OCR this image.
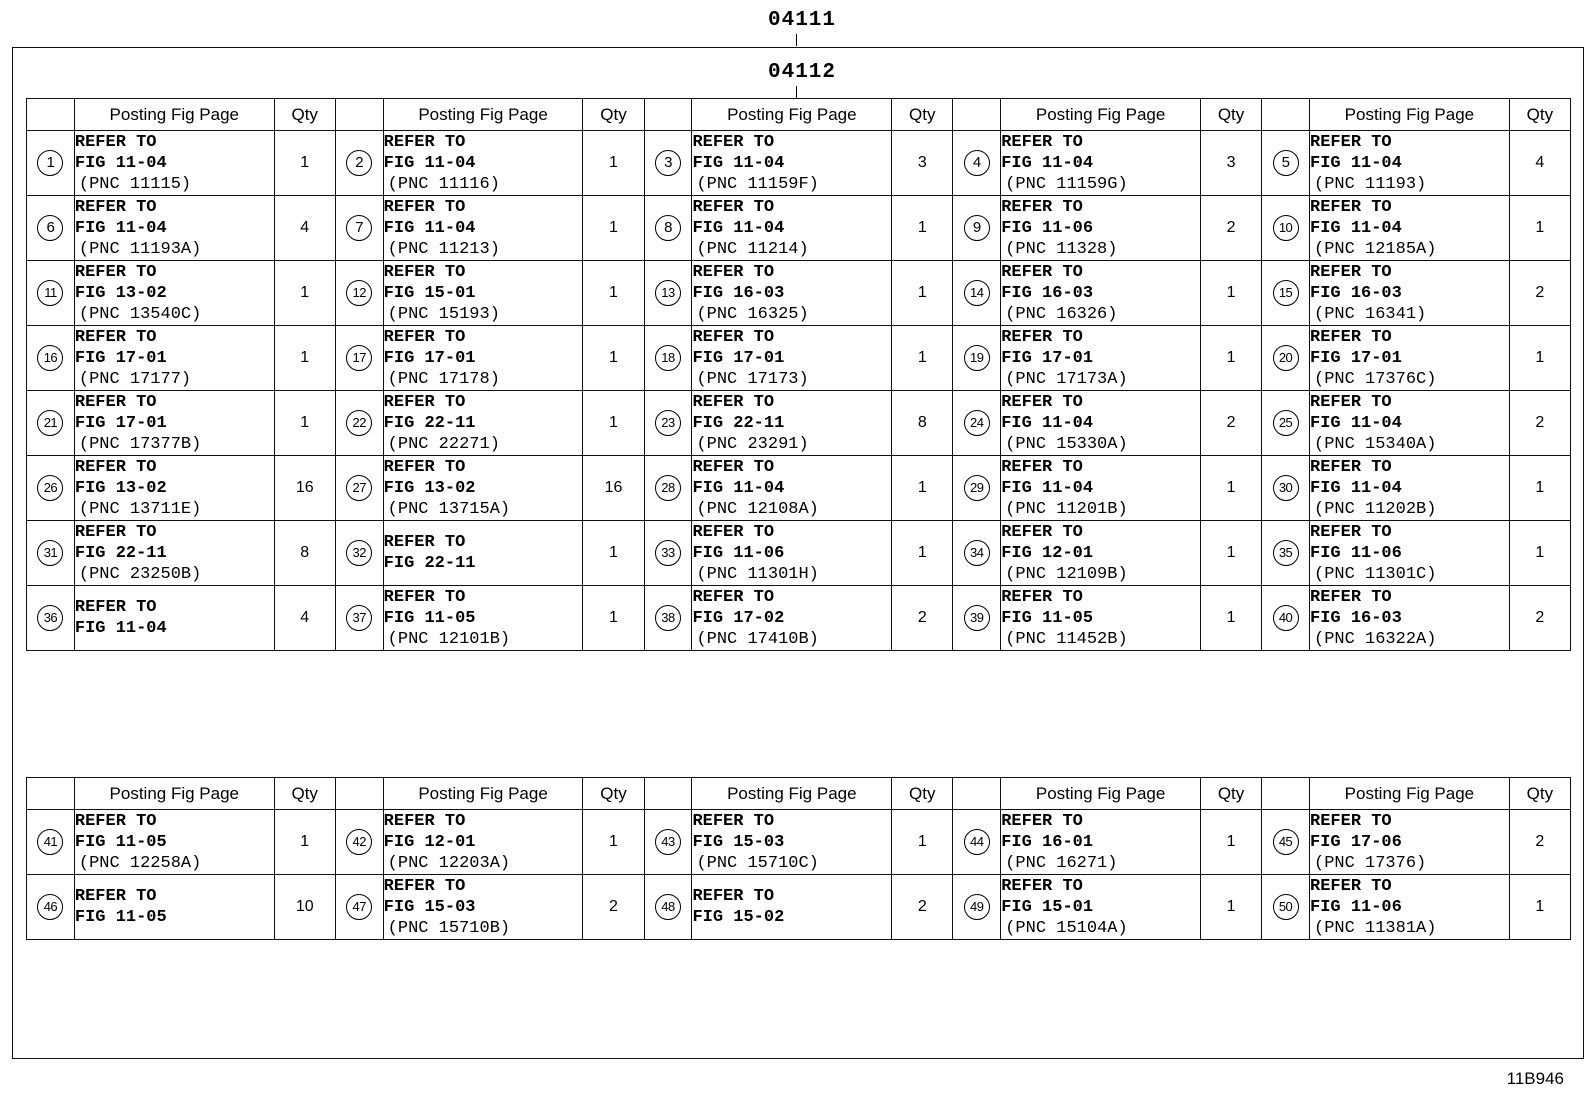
04111
04112
	Posting Fig Page	Qty		Posting Fig Page	Qty		Posting Fig Page	Qty		Posting Fig Page	Qty		Posting Fig Page	Qty
1	REFER TO
FIG 11-04
(PNC 11115)	1	2	REFER TO
FIG 11-04
(PNC 11116)	1	3	REFER TO
FIG 11-04
(PNC 11159F)	3	4	REFER TO
FIG 11-04
(PNC 11159G)	3	5	REFER TO
FIG 11-04
(PNC 11193)	4
6	REFER TO
FIG 11-04
(PNC 11193A)	4	7	REFER TO
FIG 11-04
(PNC 11213)	1	8	REFER TO
FIG 11-04
(PNC 11214)	1	9	REFER TO
FIG 11-06
(PNC 11328)	2	10	REFER TO
FIG 11-04
(PNC 12185A)	1
11	REFER TO
FIG 13-02
(PNC 13540C)	1	12	REFER TO
FIG 15-01
(PNC 15193)	1	13	REFER TO
FIG 16-03
(PNC 16325)	1	14	REFER TO
FIG 16-03
(PNC 16326)	1	15	REFER TO
FIG 16-03
(PNC 16341)	2
16	REFER TO
FIG 17-01
(PNC 17177)	1	17	REFER TO
FIG 17-01
(PNC 17178)	1	18	REFER TO
FIG 17-01
(PNC 17173)	1	19	REFER TO
FIG 17-01
(PNC 17173A)	1	20	REFER TO
FIG 17-01
(PNC 17376C)	1
21	REFER TO
FIG 17-01
(PNC 17377B)	1	22	REFER TO
FIG 22-11
(PNC 22271)	1	23	REFER TO
FIG 22-11
(PNC 23291)	8	24	REFER TO
FIG 11-04
(PNC 15330A)	2	25	REFER TO
FIG 11-04
(PNC 15340A)	2
26	REFER TO
FIG 13-02
(PNC 13711E)	16	27	REFER TO
FIG 13-02
(PNC 13715A)	16	28	REFER TO
FIG 11-04
(PNC 12108A)	1	29	REFER TO
FIG 11-04
(PNC 11201B)	1	30	REFER TO
FIG 11-04
(PNC 11202B)	1
31	REFER TO
FIG 22-11
(PNC 23250B)	8	32	REFER TO
FIG 22-11	1	33	REFER TO
FIG 11-06
(PNC 11301H)	1	34	REFER TO
FIG 12-01
(PNC 12109B)	1	35	REFER TO
FIG 11-06
(PNC 11301C)	1
36	REFER TO
FIG 11-04	4	37	REFER TO
FIG 11-05
(PNC 12101B)	1	38	REFER TO
FIG 17-02
(PNC 17410B)	2	39	REFER TO
FIG 11-05
(PNC 11452B)	1	40	REFER TO
FIG 16-03
(PNC 16322A)	2
	Posting Fig Page	Qty		Posting Fig Page	Qty		Posting Fig Page	Qty		Posting Fig Page	Qty		Posting Fig Page	Qty
41	REFER TO
FIG 11-05
(PNC 12258A)	1	42	REFER TO
FIG 12-01
(PNC 12203A)	1	43	REFER TO
FIG 15-03
(PNC 15710C)	1	44	REFER TO
FIG 16-01
(PNC 16271)	1	45	REFER TO
FIG 17-06
(PNC 17376)	2
46	REFER TO
FIG 11-05	10	47	REFER TO
FIG 15-03
(PNC 15710B)	2	48	REFER TO
FIG 15-02	2	49	REFER TO
FIG 15-01
(PNC 15104A)	1	50	REFER TO
FIG 11-06
(PNC 11381A)	1
11B946
